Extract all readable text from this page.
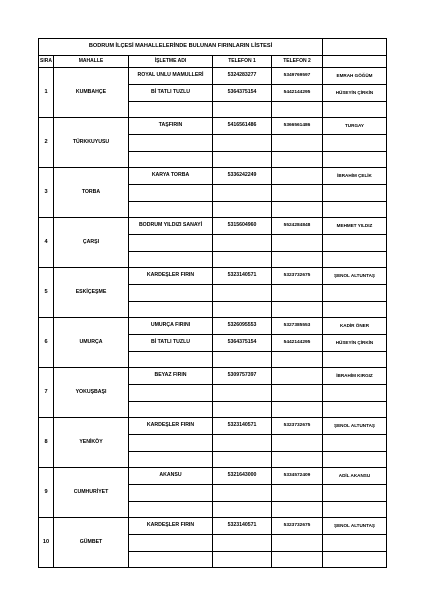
BODRUM İLÇESİ MAHALLELERİNDE BULUNAN FIRINLARIN LİSTESİ					
SIRA	MAHALLE	İŞLETME ADI	TELEFON 1	TELEFON 2	
1	KUMBAHÇE	ROYAL UNLU MAMULLERİ	5324283277	5349769597	EMRAH GÖĞÜM
		Bİ TATLI TUZLU	5364375154	5442144295	HÜSEYİN ÇİRKİN

2	TÜRKKUYUSU	TAŞFIRIN	5416561486	5366561486	TURGAY

3	TORBA	KARYA TORBA	5336242249		İBRAHİM ÇELİK

4	ÇARŞI	BODRUM YILDIZI SANAYİ	5315604960	5524284848	MEHMET YILDIZ

5	ESKİÇEŞME	KARDEŞLER FIRIN	5323140571	5323732675	ŞENOL ALTUNTAŞ

6	UMURÇA	UMURÇA FIRINI	5326095553	5327385553	KADİR ÖNER
		Bİ TATLI TUZLU	5364375154	5442144295	HÜSEYİN ÇİRKİN

7	YOKUŞBAŞI	BEYAZ FIRIN	5309757397		İBRAHİM KIRGIZ

8	YENİKÖY	KARDEŞLER FIRIN	5323140571	5323732675	ŞENOL ALTUNTAŞ

9	CUMHURİYET	AKANSU	5321643000	5334572409	ADİL AKANSU

10	GÜMBET	KARDEŞLER FIRIN	5323140571	5323732675	ŞENOL ALTUNTAŞ
